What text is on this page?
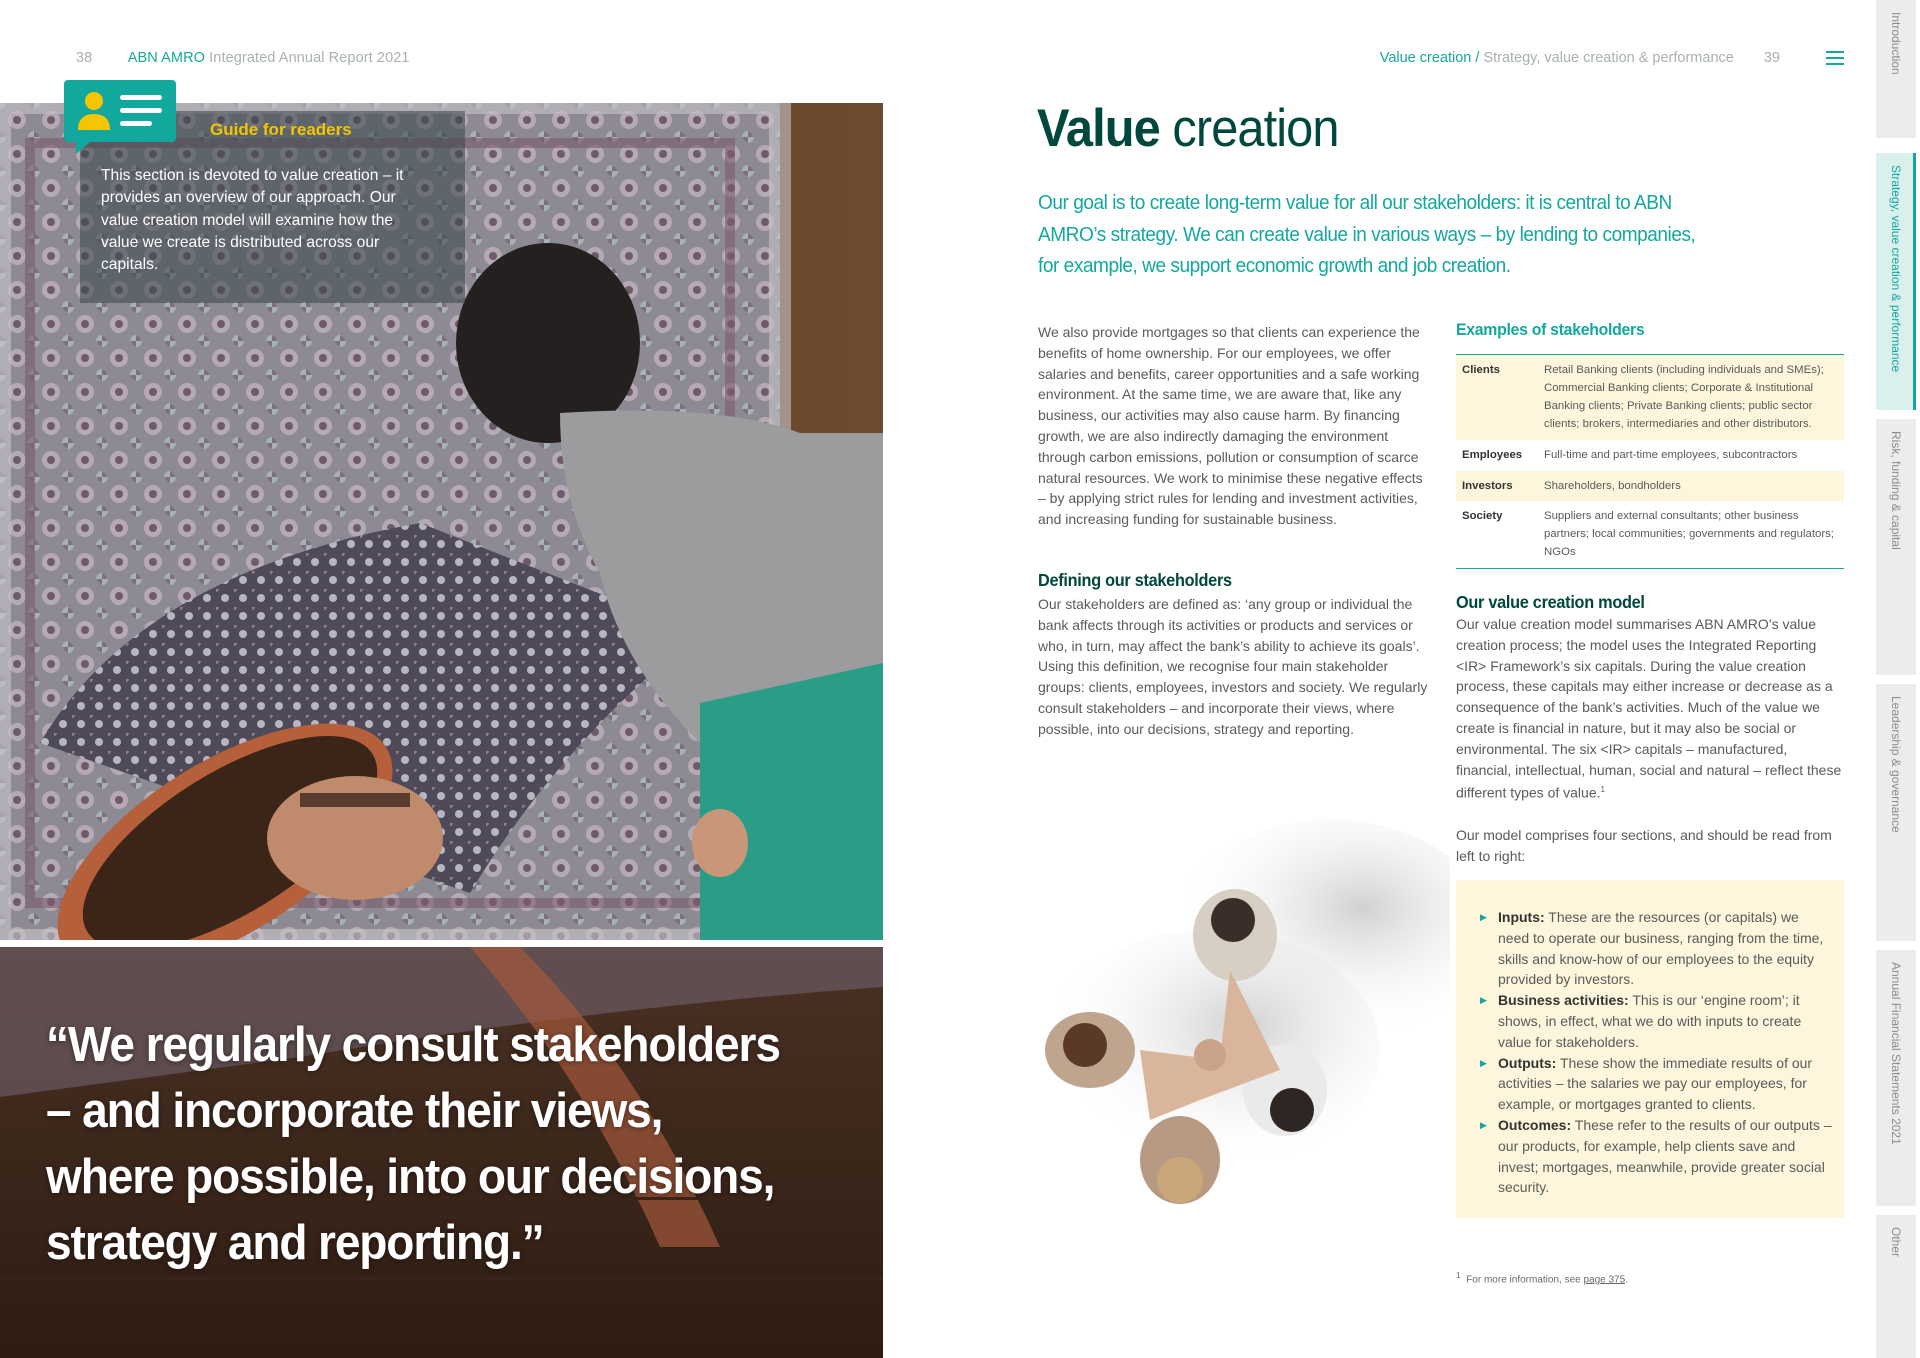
38 ABN AMRO Integrated Annual Report 2021	Value creation / Strategy, value creation & performance 39
Guide for readers
This section is devoted to value creation – it provides an overview of our approach. Our value creation model will examine how the value we create is distributed across our capitals.
“We regularly consult stakeholders – and incorporate their views, where possible, into our decisions, strategy and reporting.”
Value creation
Our goal is to create long-term value for all our stakeholders: it is central to ABN AMRO’s strategy. We can create value in various ways – by lending to companies, for example, we support economic growth and job creation.
We also provide mortgages so that clients can experience the benefits of home ownership. For our employees, we offer salaries and benefits, career opportunities and a safe working environment. At the same time, we are aware that, like any business, our activities may also cause harm. By financing growth, we are also indirectly damaging the environment through carbon emissions, pollution or consumption of scarce natural resources. We work to minimise these negative effects – by applying strict rules for lending and investment activities, and increasing funding for sustainable business.
Defining our stakeholders
Our stakeholders are defined as: ‘any group or individual the bank affects through its activities or products and services or who, in turn, may affect the bank’s ability to achieve its goals’. Using this definition, we recognise four main stakeholder groups: clients, employees, investors and society. We regularly consult stakeholders – and incorporate their views, where possible, into our decisions, strategy and reporting.
Examples of stakeholders
Clients	Retail Banking clients (including individuals and SMEs); Commercial Banking clients; Corporate & Institutional Banking clients; Private Banking clients; public sector clients; brokers, intermediaries and other distributors.
Employees	Full-time and part-time employees, subcontractors
Investors	Shareholders, bondholders
Society	Suppliers and external consultants; other business partners; local communities; governments and regulators; NGOs
Our value creation model
Our value creation model summarises ABN AMRO’s value creation process; the model uses the Integrated Reporting <IR> Framework’s six capitals. During the value creation process, these capitals may either increase or decrease as a consequence of the bank’s activities. Much of the value we create is financial in nature, but it may also be social or environmental. The six <IR> capitals – manufactured, financial, intellectual, human, social and natural – reflect these different types of value.$^1$
Our model comprises four sections, and should be read from left to right:
▶ Inputs: These are the resources (or capitals) we need to operate our business, ranging from the time, skills and know-how of our employees to the equity provided by investors.
▶ Business activities: This is our ‘engine room’; it shows, in effect, what we do with inputs to create value for stakeholders.
▶ Outputs: These show the immediate results of our activities – the salaries we pay our employees, for example, or mortgages granted to clients.
▶ Outcomes: These refer to the results of our outputs – our products, for example, help clients save and invest; mortgages, meanwhile, provide greater social security.
$^1$ For more information, see page 375.
Introduction
Strategy, value creation & performance
Risk, funding & capital
Leadership & governance
Annual Financial Statements 2021
Other
